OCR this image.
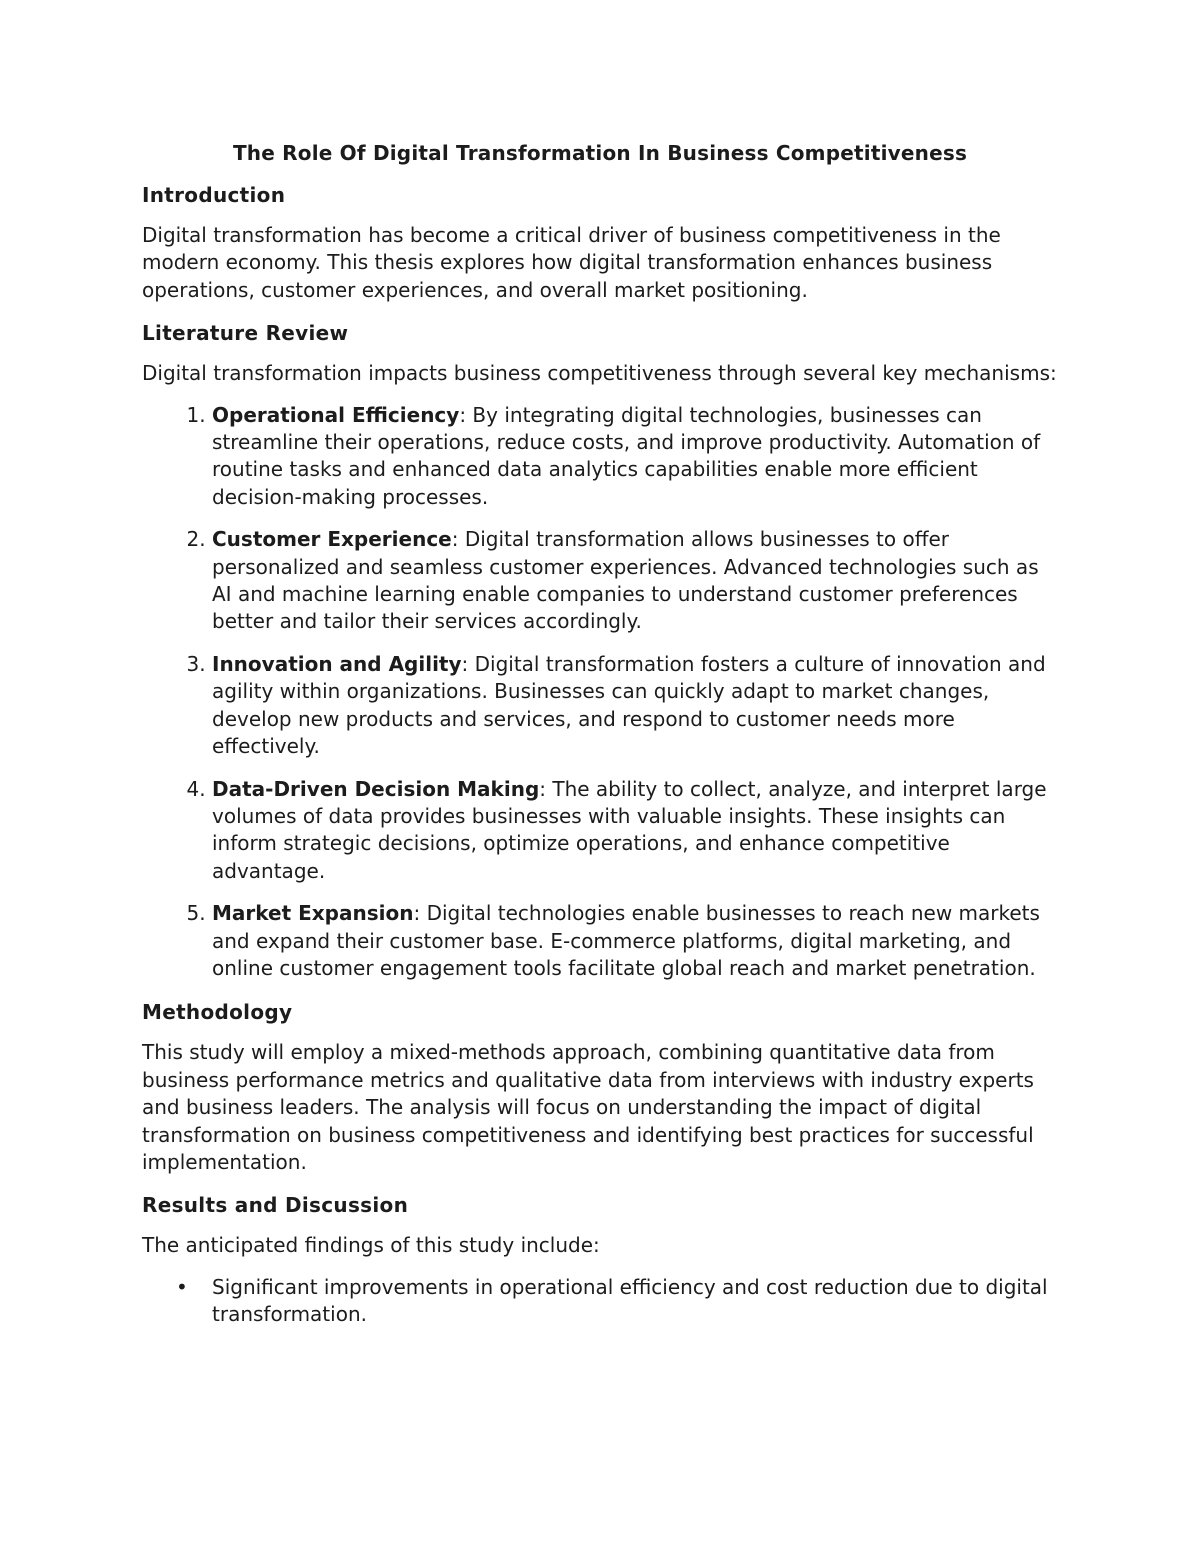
The Role Of Digital Transformation In Business Competitiveness
Introduction

Digital transformation has become a critical driver of business competitiveness in the modern economy. This thesis explores how digital transformation enhances business operations, customer experiences, and overall market positioning.

Literature Review

Digital transformation impacts business competitiveness through several key mechanisms:

1. Operational Efficiency: By integrating digital technologies, businesses can streamline their operations, reduce costs, and improve productivity. Automation of routine tasks and enhanced data analytics capabilities enable more efficient decision-making processes.
2. Customer Experience: Digital transformation allows businesses to offer personalized and seamless customer experiences. Advanced technologies such as AI and machine learning enable companies to understand customer preferences better and tailor their services accordingly.
3. Innovation and Agility: Digital transformation fosters a culture of innovation and agility within organizations. Businesses can quickly adapt to market changes, develop new products and services, and respond to customer needs more effectively.
4. Data-Driven Decision Making: The ability to collect, analyze, and interpret large volumes of data provides businesses with valuable insights. These insights can inform strategic decisions, optimize operations, and enhance competitive advantage.
5. Market Expansion: Digital technologies enable businesses to reach new markets and expand their customer base. E-commerce platforms, digital marketing, and online customer engagement tools facilitate global reach and market penetration.
Methodology

This study will employ a mixed-methods approach, combining quantitative data from business performance metrics and qualitative data from interviews with industry experts and business leaders. The analysis will focus on understanding the impact of digital transformation on business competitiveness and identifying best practices for successful implementation.

Results and Discussion

The anticipated findings of this study include:

• Significant improvements in operational efficiency and cost reduction due to digital transformation.
